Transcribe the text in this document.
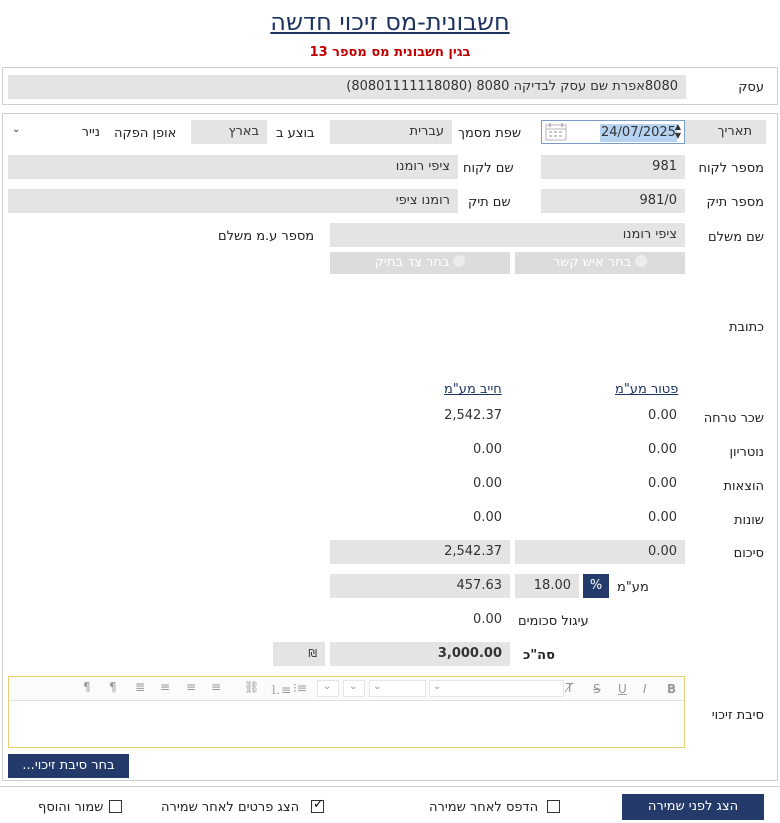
חשבונית-מס זיכוי חדשה
בגין חשבונית מס מספר 13
עסק
8080אפרת שם עסק לבדיקה 8080 (80801111118080)
תאריך
24/07/2025
▲
▼
שפת מסמך
עברית
בוצע ב
בארץ
אופן הפקה
נייר
⌄
מספר לקוח
981
שם לקוח
ציפי רומנו
מספר תיק
981/0
שם תיק
רומנו ציפי
שם משלם
ציפי רומנו
מספר ע.מ משלם
בחר איש קשר
בחר צד בתיק
כתובת
פטור מע"מ
חייב מע"מ
שכר טרחה
0.00
2,542.37
נוטריון
0.00
0.00
הוצאות
0.00
0.00
שונות
0.00
0.00
סיכום
0.00
2,542.37
מע"מ
%
18.00
457.63
עיגול סכומים
0.00
סה"כ
3,000.00
₪
סיבת זיכוי
B
I
U
S
T̸
⌄
⌄
⌄
⌄
⁝≡
⒈≡
⛓
≡
≡
≡
≣
¶
¶
בחר סיבת זיכוי...
הצג לפני שמירה
הדפס לאחר שמירה
✓
הצג פרטים לאחר שמירה
שמור והוסף
